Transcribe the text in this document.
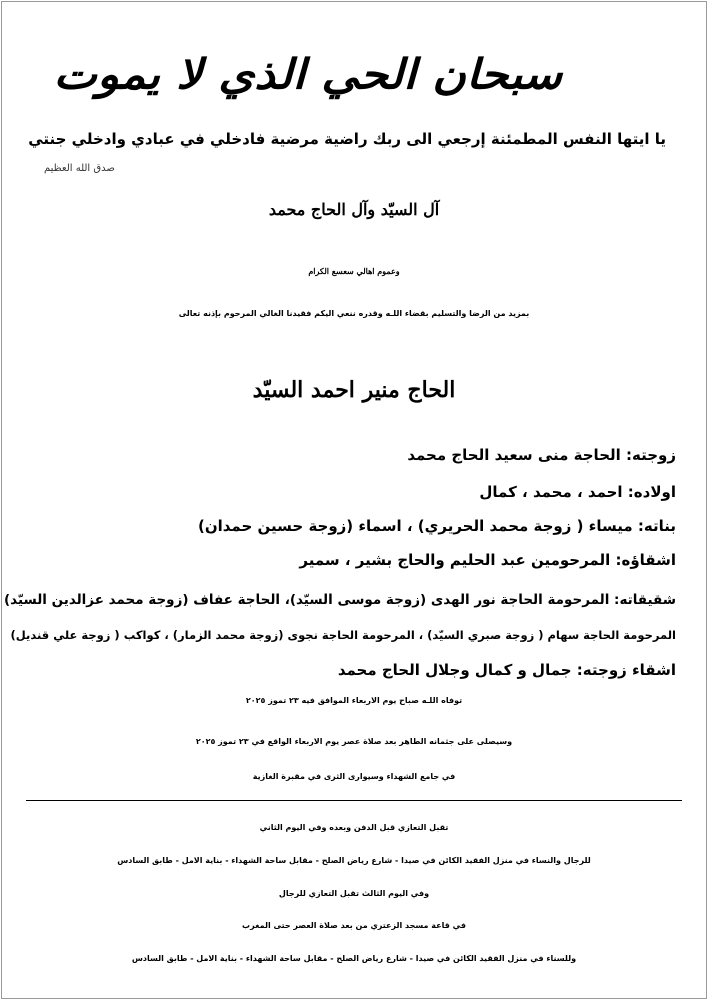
سبحان الحي الذي لا يموت
يا ايتها النفس المطمئنة إرجعي الى ربك راضية مرضية فادخلي في عبادي وادخلي جنتي
صدق الله العظيم
آل السيّد وآل الحاج محمد
وعموم اهالي سعسع الكرام
بمزيد من الرضا والتسليم بقضاء اللـه وقدره ننعي اليكم فقيدنا الغالي المرحوم بإذنه تعالى
الحاج منير احمد السيّد
زوجته: الحاجة منى سعيد الحاج محمد
اولاده: احمد ، محمد ، كمال
بناته: ميساء ( زوجة محمد الحريري) ، اسماء (زوجة حسين حمدان)
اشقاؤه: المرحومين عبد الحليم والحاج بشير ، سمير
شقيقاته: المرحومة الحاجة نور الهدى (زوجة موسى السيّد)، الحاجة عفاف (زوجة محمد عزالدين السيّد)
المرحومة الحاجة سهام ( زوجة صبري السيّد) ، المرحومة الحاجة نجوى (زوجة محمد الزمار) ، كواكب ( زوجة علي قنديل)
اشقاء زوجته: جمال و كمال وجلال الحاج محمد
توفاه اللـه صباح يوم الاربعاء الموافق فيه ٢٣ تموز ٢٠٢٥
وسيصلى على جثمانه الطاهر بعد صلاة عصر يوم الاربعاء الواقع في ٢٣ تموز ٢٠٢٥
في جامع الشهداء وسيوارى الثرى في مقبرة الغازية
تقبل التعازي قبل الدفن وبعده وفي اليوم الثاني
للرجال والنساء في منزل الفقيد الكائن في صيدا - شارع رياض الصلح - مقابل ساحة الشهداء - بناية الامل - طابق السادس
وفي اليوم الثالث تقبل التعازي للرجال
في قاعة مسجد الزعتري من بعد صلاة العصر حتى المغرب
وللسناء في منزل الفقيد الكائن في صيدا - شارع رياض الصلح - مقابل ساحة الشهداء - بناية الامل - طابق السادس
